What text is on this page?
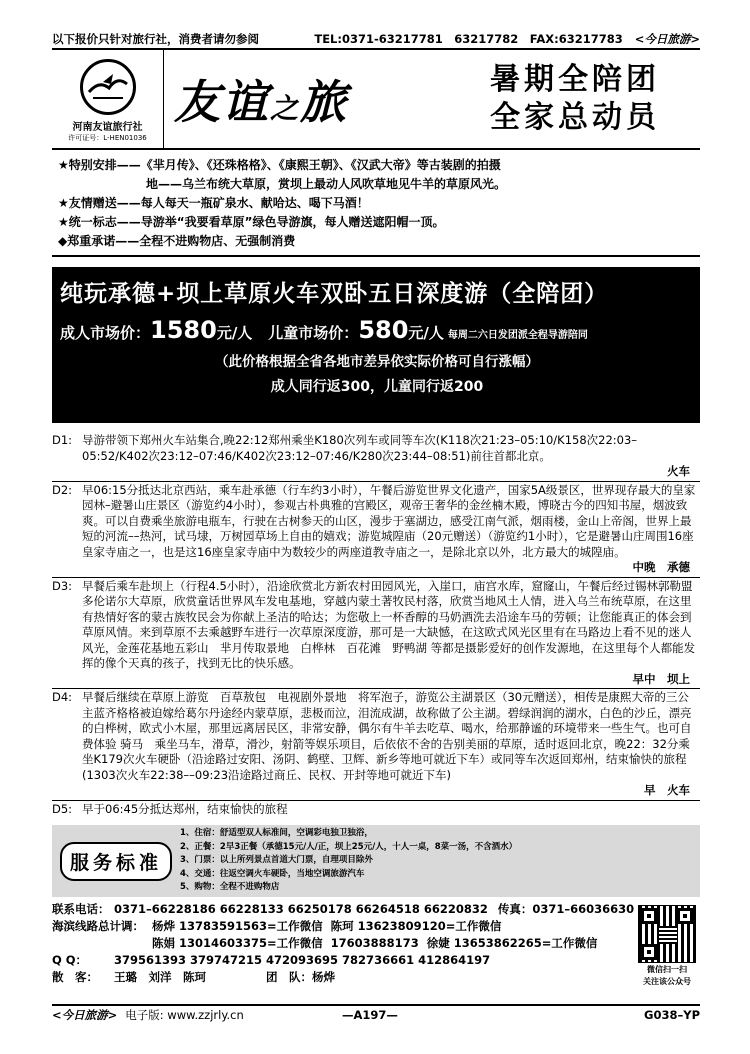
以下报价只针对旅行社，消费者请勿参阅	TEL:0371-63217781　63217782　FAX:63217783 <今日旅游>
河南友谊旅行社
许可证号：L-HEN01036
友谊之旅	暑期全陪团
全家总动员
★特别安排——《芈月传》、《还珠格格》、《康熙王朝》、《汉武大帝》等古装剧的拍摄
地——乌兰布统大草原，赏坝上最动人风吹草地见牛羊的草原风光。
★友情赠送——每人每天一瓶矿泉水、献哈达、喝下马酒！
★统一标志——导游举“我要看草原”绿色导游旗，每人赠送遮阳帽一顶。
◆郑重承诺——全程不进购物店、无强制消费
纯玩承德+坝上草原火车双卧五日深度游（全陪团）
成人市场价： 1580 元/人 儿童市场价： 580 元/人 每周二六日发团派全程导游陪同
（此价格根据全省各地市差异依实际价格可自行涨幅）
成人同行返300，儿童同行返200
D1: 导游带领下郑州火车站集合,晚22:12郑州乘坐K180次列车或同等车次(K118次21:23–05:10/K158次22:03–05:52/K402次23:12–07:46/K402次23:12–07:46/K280次23:44–08:51)前往首都北京。
火车
D2: 早06:15分抵达北京西站，乘车赴承德（行车约3小时），午餐后游览世界文化遗产，国家5A级景区，世界现存最大的皇家园林–避暑山庄景区（游览约4小时），参观古朴典雅的宫殿区，观帝王奢华的金丝楠木殿，博晓古今的四知书屋，烟波致爽。可以自费乘坐旅游电瓶车，行驶在古树参天的山区，漫步于塞湖边，感受江南气派，烟雨楼，金山上帝阁，世界上最短的河流––热河，试马埭，万树园草场上自由的嬉戏；游览城隍庙（20元赠送）（游览约1小时），它是避暑山庄周围16座皇家寺庙之一，也是这16座皇家寺庙中为数较少的两座道教寺庙之一，是除北京以外，北方最大的城隍庙。
中晚　承德
D3: 早餐后乘车赴坝上（行程4.5小时），沿途欣赏北方新农村田园风光，入崖口，庙宫水库，窟窿山，午餐后经过锡林郭勒盟多伦诺尔大草原，欣赏童话世界风车发电基地，穿越内蒙土著牧民村落，欣赏当地风土人情，进入乌兰布统草原，在这里有热情好客的蒙古族牧民会为你献上圣洁的哈达；为您敬上一杯香醇的马奶酒洗去沿途车马的劳顿；让您能真正的体会到草原风情。来到草原不去乘越野车进行一次草原深度游，那可是一大缺憾，在这欧式风光区里有在马路边上看不见的迷人风光，金莲花基地五彩山　芈月传取景地　白桦林　百花滩　野鸭湖 等都是摄影爱好的创作发源地，在这里每个人都能发挥的像个天真的孩子，找到无比的快乐感。
早中　坝上
D4: 早餐后继续在草原上游览　百草敖包　电视剧外景地　将军泡子，游览公主湖景区（30元赠送），相传是康熙大帝的三公主蓝齐格格被迫嫁给葛尔丹途经内蒙草原，悲极而泣，泪流成湖，故称做了公主湖。碧绿润润的湖水，白色的沙丘，漂亮的白桦树，欧式小木屋，那里远离居民区，非常安静，偶尔有牛羊去吃草、喝水，给那静谧的环境带来一些生气。也可自费体验 骑马　乘坐马车，滑草，滑沙，射箭等娱乐项目，后依依不舍的告别美丽的草原，适时返回北京，晚22：32分乘坐K179次火车硬卧（沿途路过安阳、汤阴、鹤壁、卫辉、新乡等地可就近下车）或同等车次返回郑州，结束愉快的旅程(1303次火车22:38––09:23沿途路过商丘、民权、开封等地可就近下车)
早　火车
D5: 早于06:45分抵达郑州，结束愉快的旅程
服务标准
1、住宿：舒适型双人标准间，空调彩电独卫独浴，
2、正餐：2早3正餐（承德15元/人/正，坝上25元/人，十人一桌，8菜一汤，不含酒水）
3、门票：以上所列景点首道大门票，自理项目除外
4、交通：往返空调火车硬卧，当地空调旅游汽车
5、购物：全程不进购物店
联系电话： 0371–66228186 66228133 66250178 66264518 66220832 传真： 0371–66036630
海滨线路总计调： 杨烨 13783591563=工作微信 陈珂 13623809120=工作微信
陈娟 13014603375=工作微信 17603888173 徐婕 13653862265=工作微信
Q Q：	379561393 379747215 472093695 782736661 412864197
散　客：	王璐　刘洋　陈珂	团　队： 杨烨
微信扫一扫
关注该公众号
<今日旅游> 电子版: www.zzjrly.cn	—A197—	G038–YP
